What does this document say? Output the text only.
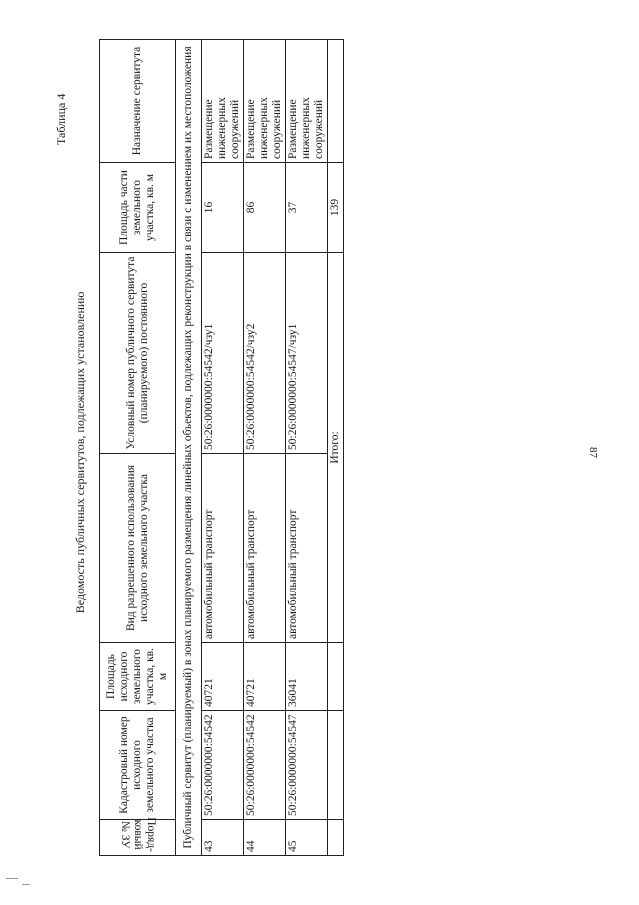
Таблица 4
Ведомость публичных сервитутов, подлежащих установлению
Поряд-ковый № ЗУ	Кадастровый номер исходного земельного участка	Площадь исходного земельного участка, кв. м	Вид разрешенного использования исходного земельного участка	Условный номер публичного сервитута (планируемого) постоянного	Площадь части земельного участка, кв. м	Назначение сервитута
Публичный сервитут (планируемый) в зонах планируемого размещения линейных объектов, подлежащих реконструкции в связи с изменением их местоположения						
43	50:26:0000000:54542	40721	автомобильный транспорт	50:26:0000000:54542/чзу1	16	Размещение инженерных сооружений
44	50:26:0000000:54542	40721	автомобильный транспорт	50:26:0000000:54542/чзу2	86	Размещение инженерных сооружений
45	50:26:0000000:54547	36041	автомобильный транспорт	50:26:0000000:54547/чзу1	37	Размещение инженерных сооружений
			Итого:		139	
87
